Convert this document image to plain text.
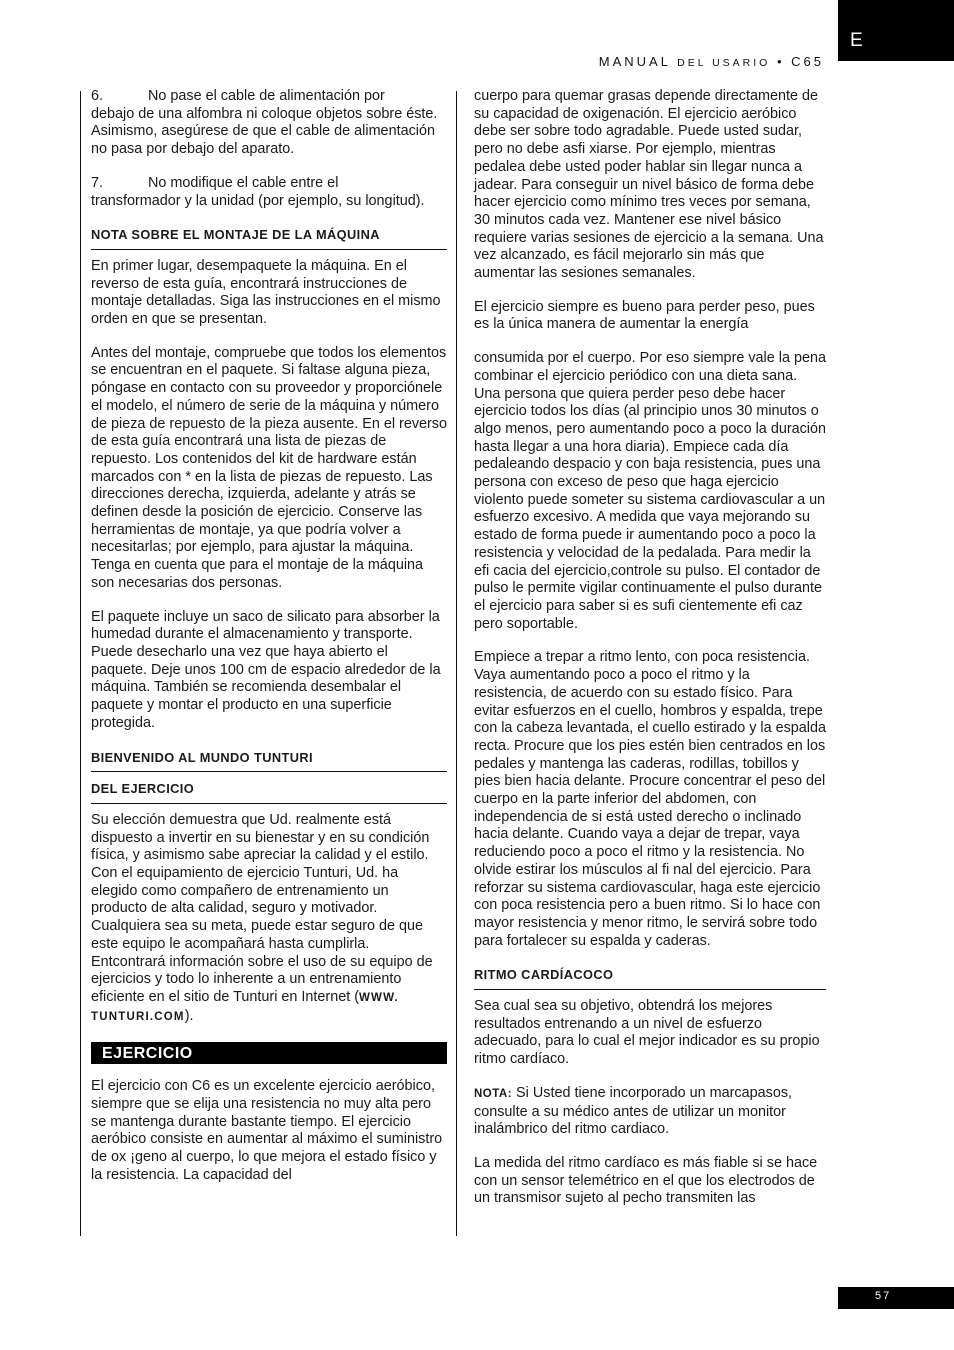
E
MANUAL DEL USARIO • C65

6.	No pase el cable de alimentación por
debajo de una alfombra ni coloque objetos sobre éste. Asimismo, asegúrese de que el cable de alimentación no pasa por debajo del aparato.

7.	No modifique el cable entre el
transformador y la unidad (por ejemplo, su longitud).

NOTA SOBRE EL MONTAJE DE LA MÁQUINA

En primer lugar, desempaquete la máquina. En el reverso de esta guía, encontrará instrucciones de montaje detalladas. Siga las instrucciones en el mismo orden en que se presentan.

Antes del montaje, compruebe que todos los elementos se encuentran en el paquete. Si faltase alguna pieza, póngase en contacto con su proveedor y proporciónele el modelo, el número de serie de la máquina y número de pieza de repuesto de la pieza ausente. En el reverso de esta guía encontrará una lista de piezas de repuesto. Los contenidos del kit de hardware están marcados con * en la lista de piezas de repuesto. Las direcciones derecha, izquierda, adelante y atrás se definen desde la posición de ejercicio. Conserve las herramientas de montaje, ya que podría volver a necesitarlas; por ejemplo, para ajustar la máquina. Tenga en cuenta que para el montaje de la máquina son necesarias dos personas.

El paquete incluye un saco de silicato para absorber la humedad durante el almacenamiento y transporte. Puede desecharlo una vez que haya abierto el paquete. Deje unos 100 cm de espacio alrededor de la máquina. También se recomienda desembalar el paquete y montar el producto en una superficie protegida.

BIENVENIDO AL MUNDO TUNTURI
DEL EJERCICIO

Su elección demuestra que Ud. realmente está dispuesto a invertir en su bienestar y en su condición física, y asimismo sabe apreciar la calidad y el estilo. Con el equipamiento de ejercicio Tunturi, Ud. ha elegido como compañero de entrenamiento un producto de alta calidad, seguro y motivador. Cualquiera sea su meta, puede estar seguro de que este equipo le acompañará hasta cumplirla. Entcontrará información sobre el uso de su equipo de ejercicios y todo lo inherente a un entrenamiento eficiente en el sitio de Tunturi en Internet (WWW.
TUNTURI.COM).

EJERCICIO

El ejercicio con C6 es un excelente ejercicio aeróbico, siempre que se elija una resistencia no muy alta pero se mantenga durante bastante tiempo. El ejercicio aeróbico consiste en aumentar al máximo el suministro de ox ¡geno al cuerpo, lo que mejora el estado físico y la resistencia. La capacidad del

cuerpo para quemar grasas depende directamente de su capacidad de oxigenación. El ejercicio aeróbico debe ser sobre todo agradable. Puede usted sudar, pero no debe asfi xiarse. Por ejemplo, mientras pedalea debe usted poder hablar sin llegar nunca a jadear. Para conseguir un nivel básico de forma debe hacer ejercicio como mínimo tres veces por semana, 30 minutos cada vez. Mantener ese nivel básico requiere varias sesiones de ejercicio a la semana. Una vez alcanzado, es fácil mejorarlo sin más que aumentar las sesiones semanales.

El ejercicio siempre es bueno para perder peso, pues es la única manera de aumentar la energía

consumida por el cuerpo. Por eso siempre vale la pena combinar el ejercicio periódico con una dieta sana. Una persona que quiera perder peso debe hacer ejercicio todos los días (al principio unos 30 minutos o algo menos, pero aumentando poco a poco la duración hasta llegar a una hora diaria). Empiece cada día pedaleando despacio y con baja resistencia, pues una persona con exceso de peso que haga ejercicio violento puede someter su sistema cardiovascular a un esfuerzo excesivo. A medida que vaya mejorando su estado de forma puede ir aumentando poco a poco la resistencia y velocidad de la pedalada. Para medir la efi cacia del ejercicio,controle su pulso. El contador de pulso le permite vigilar continuamente el pulso durante el ejercicio para saber si es sufi cientemente efi caz pero soportable.

Empiece a trepar a ritmo lento, con poca resistencia. Vaya aumentando poco a poco el ritmo y la resistencia, de acuerdo con su estado físico. Para evitar esfuerzos en el cuello, hombros y espalda, trepe con la cabeza levantada, el cuello estirado y la espalda recta. Procure que los pies estén bien centrados en los pedales y mantenga las caderas, rodillas, tobillos y pies bien hacia delante. Procure concentrar el peso del cuerpo en la parte inferior del abdomen, con independencia de si está usted derecho o inclinado hacia delante. Cuando vaya a dejar de trepar, vaya reduciendo poco a poco el ritmo y la resistencia. No olvide estirar los músculos al fi nal del ejercicio. Para reforzar su sistema cardiovascular, haga este ejercicio con poca resistencia pero a buen ritmo. Si lo hace con mayor resistencia y menor ritmo, le servirá sobre todo para fortalecer su espalda y caderas.

RITMO CARDÍACOCO

Sea cual sea su objetivo, obtendrá los mejores resultados entrenando a un nivel de esfuerzo adecuado, para lo cual el mejor indicador es su propio ritmo cardíaco.

NOTA: Si Usted tiene incorporado un marcapasos, consulte a su médico antes de utilizar un monitor inalámbrico del ritmo cardiaco.

La medida del ritmo cardíaco es más fiable si se hace con un sensor telemétrico en el que los electrodos de un transmisor sujeto al pecho transmiten las

57
